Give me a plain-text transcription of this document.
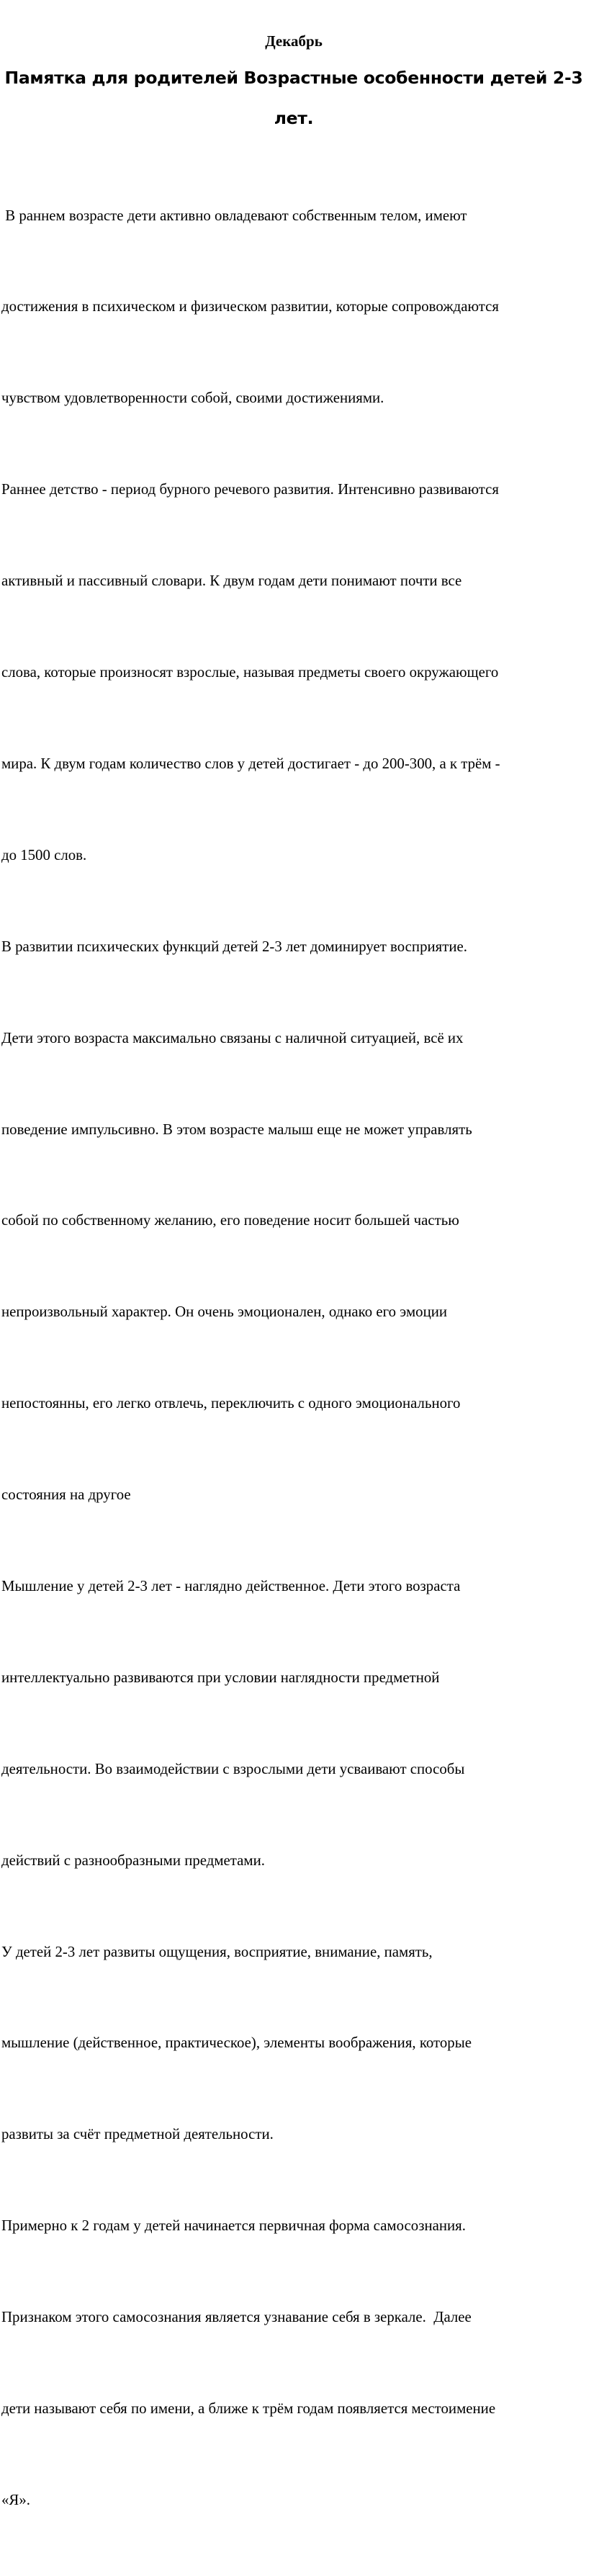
Декабрь
Памятка для родителей Возрастные особенности детей 2-3 лет.

В раннем возрасте дети активно овладевают собственным телом, имеют

достижения в психическом и физическом развитии, которые сопровождаются

чувством удовлетворенности собой, своими достижениями.

Раннее детство - период бурного речевого развития. Интенсивно развиваются

активный и пассивный словари. К двум годам дети понимают почти все

слова, которые произносят взрослые, называя предметы своего окружающего

мира. К двум годам количество слов у детей достигает - до 200-300, а к трём -

до 1500 слов.

В развитии психических функций детей 2-3 лет доминирует восприятие.

Дети этого возраста максимально связаны с наличной ситуацией, всё их

поведение импульсивно. В этом возрасте малыш еще не может управлять

собой по собственному желанию, его поведение носит большей частью

непроизвольный характер. Он очень эмоционален, однако его эмоции

непостоянны, его легко отвлечь, переключить с одного эмоционального

состояния на другое

Мышление у детей 2-3 лет - наглядно действенное. Дети этого возраста

интеллектуально развиваются при условии наглядности предметной

деятельности. Во взаимодействии с взрослыми дети усваивают способы

действий с разнообразными предметами.

У детей 2-3 лет развиты ощущения, восприятие, внимание, память,

мышление (действенное, практическое), элементы воображения, которые

развиты за счёт предметной деятельности.

Примерно к 2 годам у детей начинается первичная форма самосознания.

Признаком этого самосознания является узнавание себя в зеркале.  Далее

дети называют себя по имени, а ближе к трём годам появляется местоимение

«Я».
